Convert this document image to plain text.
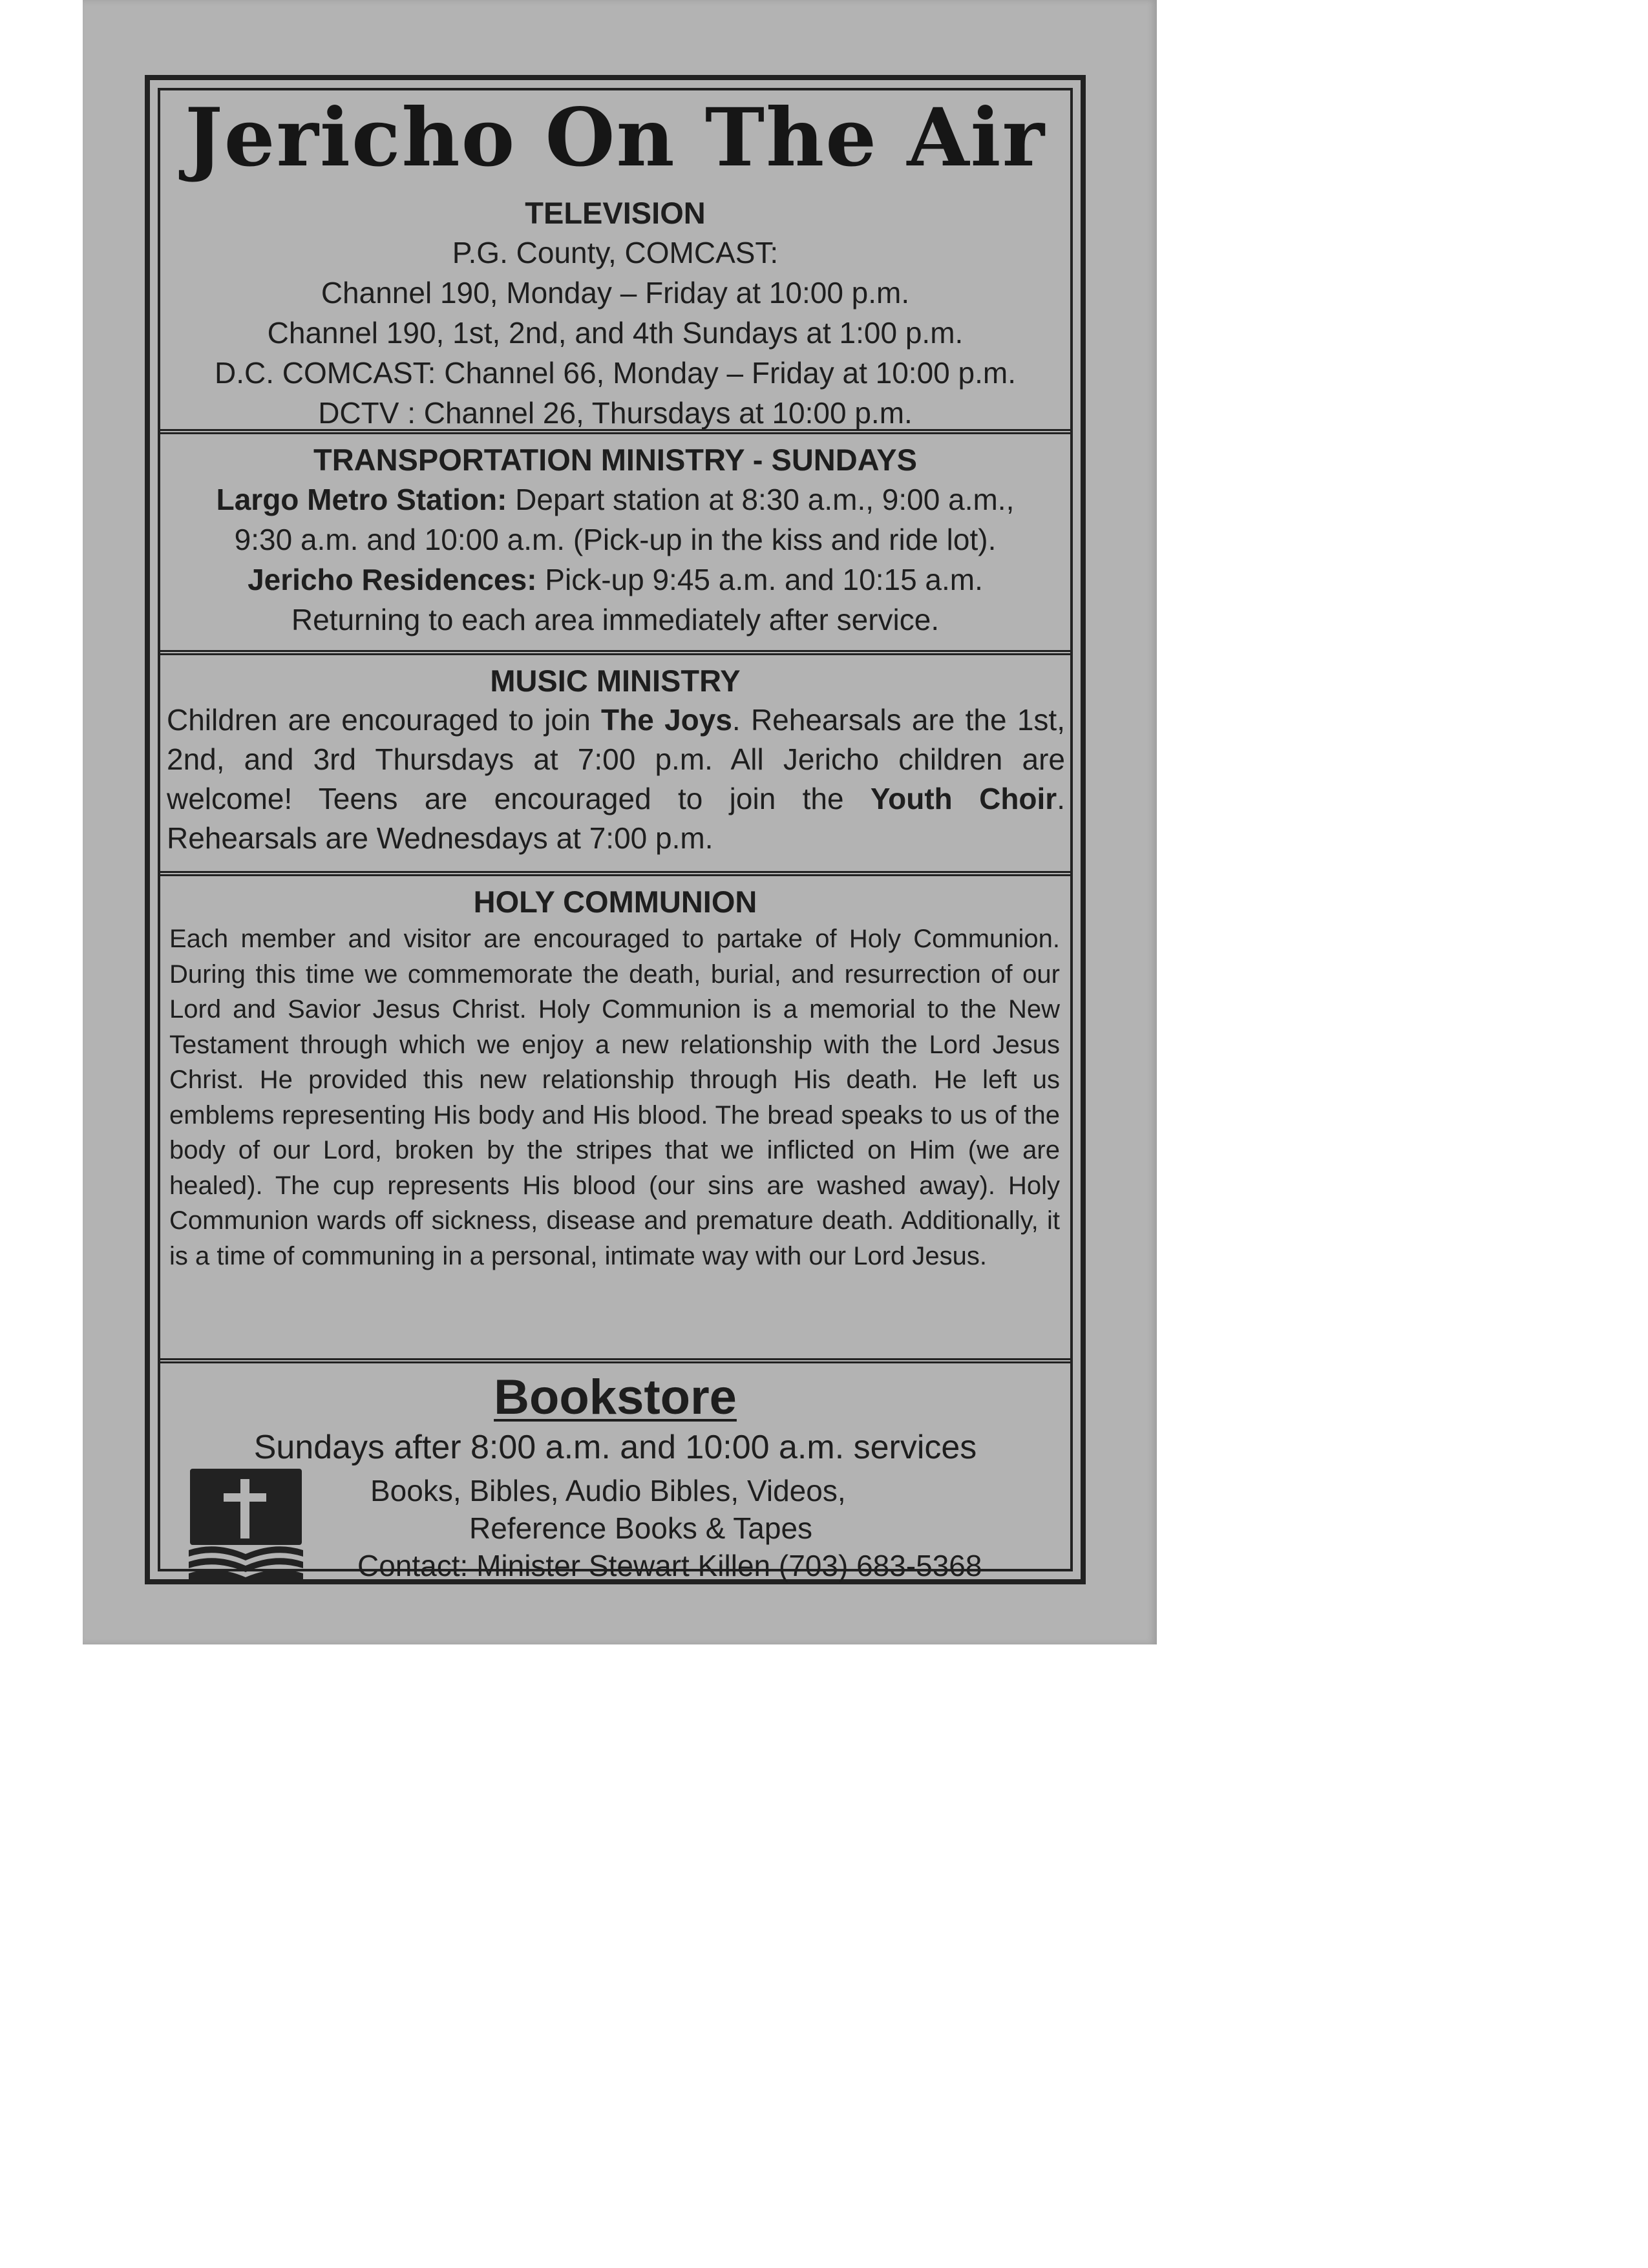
Jericho On The Air
TELEVISION
P.G. County, COMCAST:
Channel 190, Monday – Friday at 10:00 p.m.
Channel 190, 1st, 2nd, and 4th Sundays at 1:00 p.m.
D.C. COMCAST: Channel 66, Monday – Friday at 10:00 p.m.
DCTV : Channel 26, Thursdays at 10:00 p.m.
TRANSPORTATION MINISTRY - SUNDAYS
Largo Metro Station: Depart station at 8:30 a.m., 9:00 a.m.,
9:30 a.m. and 10:00 a.m. (Pick-up in the kiss and ride lot).
Jericho Residences: Pick-up 9:45 a.m. and 10:15 a.m.
Returning to each area immediately after service.
MUSIC MINISTRY

Children are encouraged to join The Joys. Rehearsals are the 1st, 2nd, and 3rd Thursdays at 7:00 p.m. All Jericho children are welcome! Teens are encouraged to join the Youth Choir. Rehearsals are Wednesdays at 7:00 p.m.

HOLY COMMUNION

Each member and visitor are encouraged to partake of Holy Communion. During this time we commemorate the death, burial, and resurrection of our Lord and Savior Jesus Christ. Holy Communion is a memorial to the New Testament through which we enjoy a new relationship with the Lord Jesus Christ. He provided this new relationship through His death. He left us emblems representing His body and His blood. The bread speaks to us of the body of our Lord, broken by the stripes that we inflicted on Him (we are healed). The cup represents His blood (our sins are washed away). Holy Communion wards off sickness, disease and premature death. Additionally, it is a time of communing in a personal, intimate way with our Lord Jesus.

Bookstore
Sundays after 8:00 a.m. and 10:00 a.m. services
Books, Bibles, Audio Bibles, Videos,
Reference Books & Tapes
Contact: Minister Stewart Killen (703) 683-5368
